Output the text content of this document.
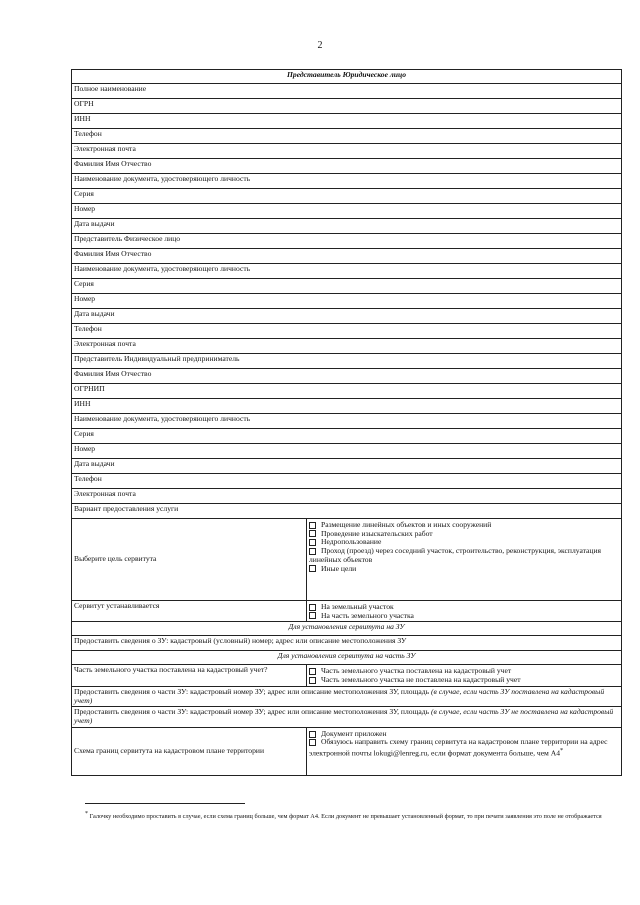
2
Представитель Юридическое лицо	
Полное наименование	
ОГРН	
ИНН	
Телефон	
Электронная почта	
Фамилия Имя Отчество	
Наименование документа, удостоверяющего личность	
Серия	
Номер	
Дата выдачи	
Представитель Физическое лицо	
Фамилия Имя Отчество	
Наименование документа, удостоверяющего личность	
Серия	
Номер	
Дата выдачи	
Телефон	
Электронная почта	
Представитель Индивидуальный предприниматель	
Фамилия Имя Отчество	
ОГРНИП	
ИНН	
Наименование документа, удостоверяющего личность	
Серия	
Номер	
Дата выдачи	
Телефон	
Электронная почта	
Вариант предоставления услуги	
Выберите цель сервитута	Размещение линейных объектов и иных сооружений
Проведение изыскательских работ
Недропользование
Проход (проезд) через соседний участок, строительство, реконструкция, эксплуатация линейных объектов
Иные цели

Сервитут устанавливается	На земельный участок
На часть земельного участка

Для установления сервитута на ЗУ	
Предоставить сведения о ЗУ: кадастровый (условный) номер; адрес или описание местоположения ЗУ	
Для установления сервитута на часть ЗУ	
Часть земельного участка поставлена на кадастровый учет?	Часть земельного участка поставлена на кадастровый учет
Часть земельного участка не поставлена на кадастровый учет

Предоставить сведения о части ЗУ: кадастровый номер ЗУ; адрес или описание местоположения ЗУ, площадь (в случае, если часть ЗУ поставлена на кадастровый учет)	
Предоставить сведения о части ЗУ: кадастровый номер ЗУ; адрес или описание местоположения ЗУ, площадь (в случае, если часть ЗУ не поставлена на кадастровый учет)	
Схема границ сервитута на кадастровом плане территории	Документ приложен
Обязуюсь направить схему границ сервитута на кадастровом плане территории на адрес электронной почты lokugi@lenreg.ru, если формат документа больше, чем А4*
* Галочку необходимо проставить в случае, если схема границ больше, чем формат А4. Если документ не превышает установленный формат, то при печати заявления это поле не отображается
